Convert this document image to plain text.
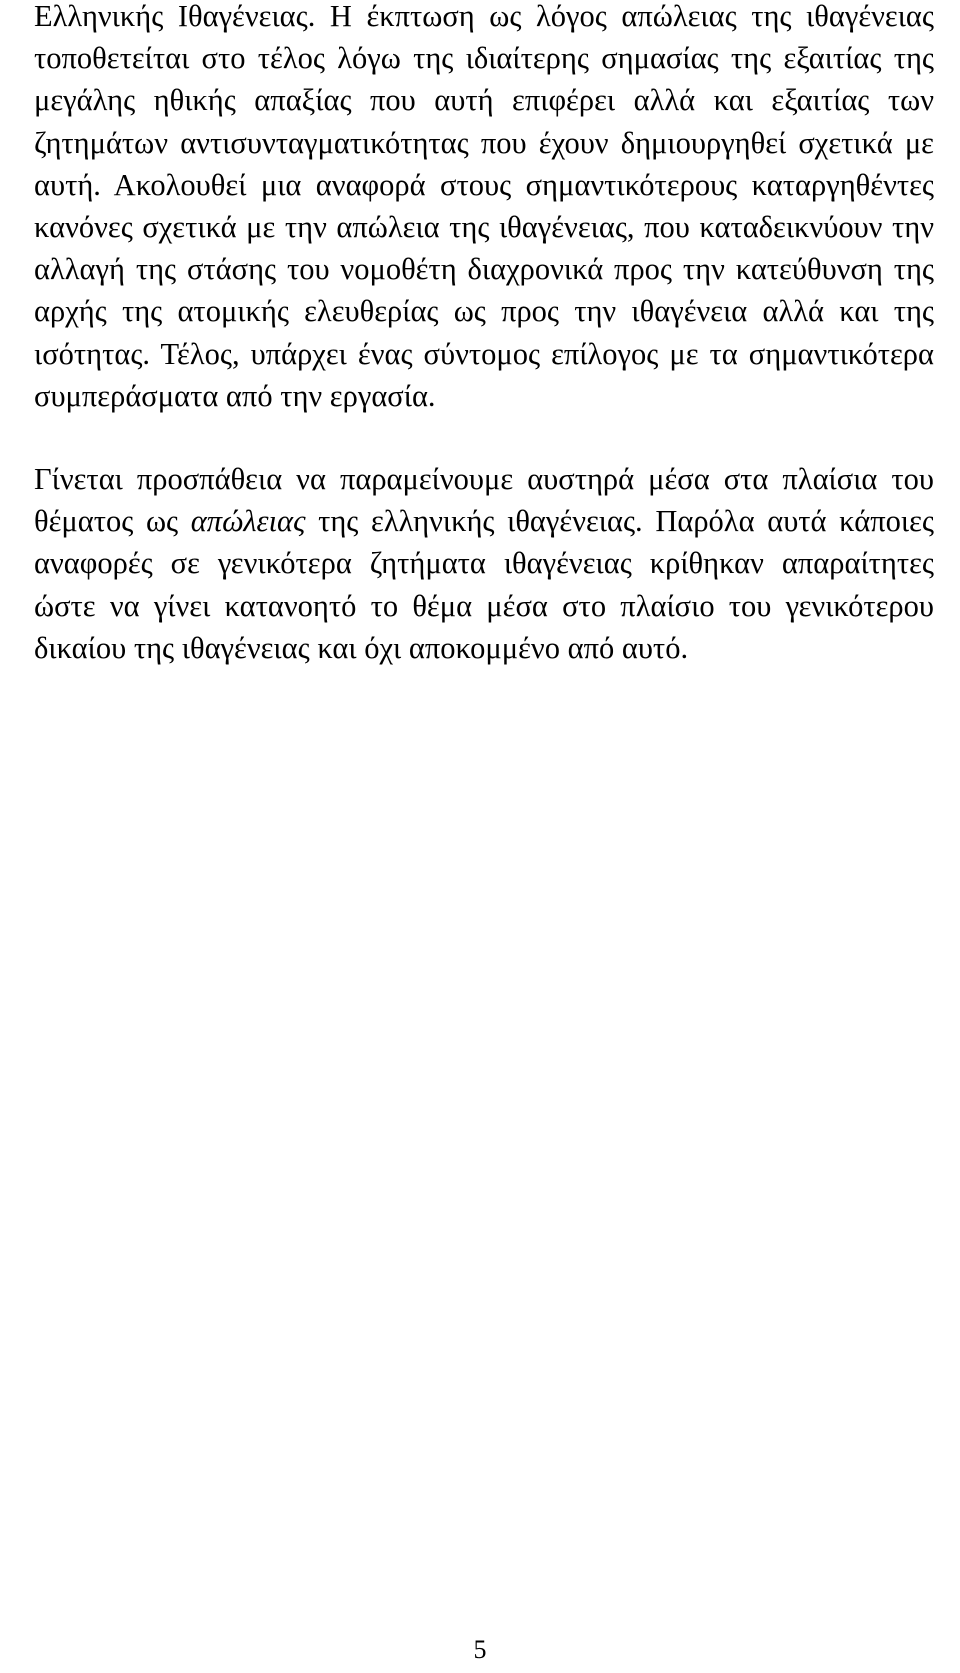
Ελληνικής Ιθαγένειας. Η έκπτωση ως λόγος απώλειας της ιθαγένειας τοποθετείται στο τέλος λόγω της ιδιαίτερης σημασίας της εξαιτίας της μεγάλης ηθικής απαξίας που αυτή επιφέρει αλλά και εξαιτίας των ζητημάτων αντισυνταγματικότητας που έχουν δημιουργηθεί σχετικά με αυτή. Ακολουθεί μια αναφορά στους σημαντικότερους καταργηθέντες κανόνες σχετικά με την απώλεια της ιθαγένειας, που καταδεικνύουν την αλλαγή της στάσης του νομοθέτη διαχρονικά προς την κατεύθυνση της αρχής της ατομικής ελευθερίας ως προς την ιθαγένεια αλλά και της ισότητας. Τέλος, υπάρχει ένας σύντομος επίλογος με τα σημαντικότερα συμπεράσματα από την εργασία.

Γίνεται προσπάθεια να παραμείνουμε αυστηρά μέσα στα πλαίσια του θέματος ως απώλειας της ελληνικής ιθαγένειας. Παρόλα αυτά κάποιες αναφορές σε γενικότερα ζητήματα ιθαγένειας κρίθηκαν απαραίτητες ώστε να γίνει κατανοητό το θέμα μέσα στο πλαίσιο του γενικότερου δικαίου της ιθαγένειας και όχι αποκομμένο από αυτό.

5
